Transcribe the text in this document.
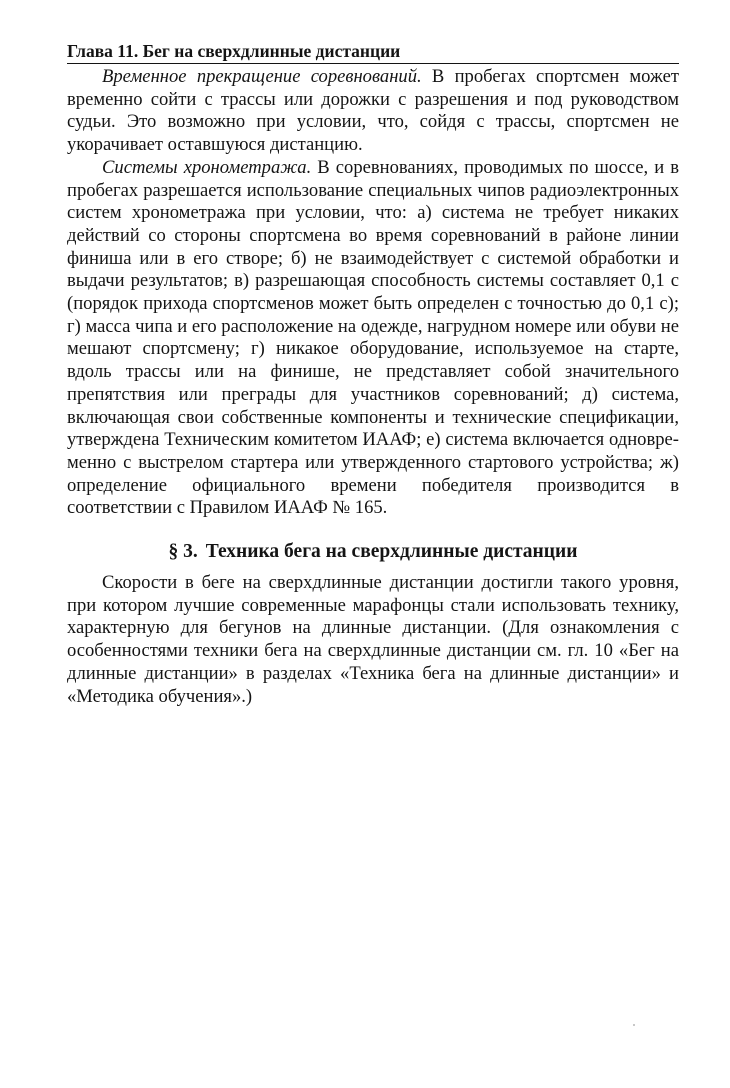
Глава 11. Бег на сверхдлинные дистанции

Временное прекращение соревнований. В пробегах спортсмен может временно сойти с трассы или дорожки с разрешения и под руководством судьи. Это возможно при условии, что, сойдя с трассы, спортсмен не укорачивает оставшуюся дистанцию.

Системы хронометража. В соревнованиях, проводимых по шоссе, и в пробегах разрешается использование специальных чипов радиоэлектронных систем хронометража при условии, что: а) система не требует никаких действий со стороны спортсмена во время соревнований в районе линии финиша или в его створе; б) не взаимодействует с системой обработки и выдачи результатов; в) разрешающая способность системы составляет 0,1 с (порядок прихода спортсменов может быть определен с точностью до 0,1 с); г) масса чипа и его расположение на одежде, нагрудном номере или обуви не мешают спортсмену; г) никакое оборудование, используемое на старте, вдоль трассы или на финише, не представляет собой значительного препятствия или преграды для участников соревнований; д) система, включающая свои собственные компоненты и технические спецификации, утверждена Техническим комитетом ИААФ; е) система включается одновременно с выстрелом стартера или утвержденного стартового устройства; ж) определение официального времени победителя производится в соответствии с Правилом ИААФ № 165.

§ 3. Техника бега на сверхдлинные дистанции

Скорости в беге на сверхдлинные дистанции достигли такого уровня, при котором лучшие современные марафонцы стали использовать технику, характерную для бегунов на длинные дистанции. (Для ознакомления с особенностями техники бега на сверхдлинные дистанции см. гл. 10 «Бег на длинные дистанции» в разделах «Техника бега на длинные дистанции» и «Методика обучения».)
